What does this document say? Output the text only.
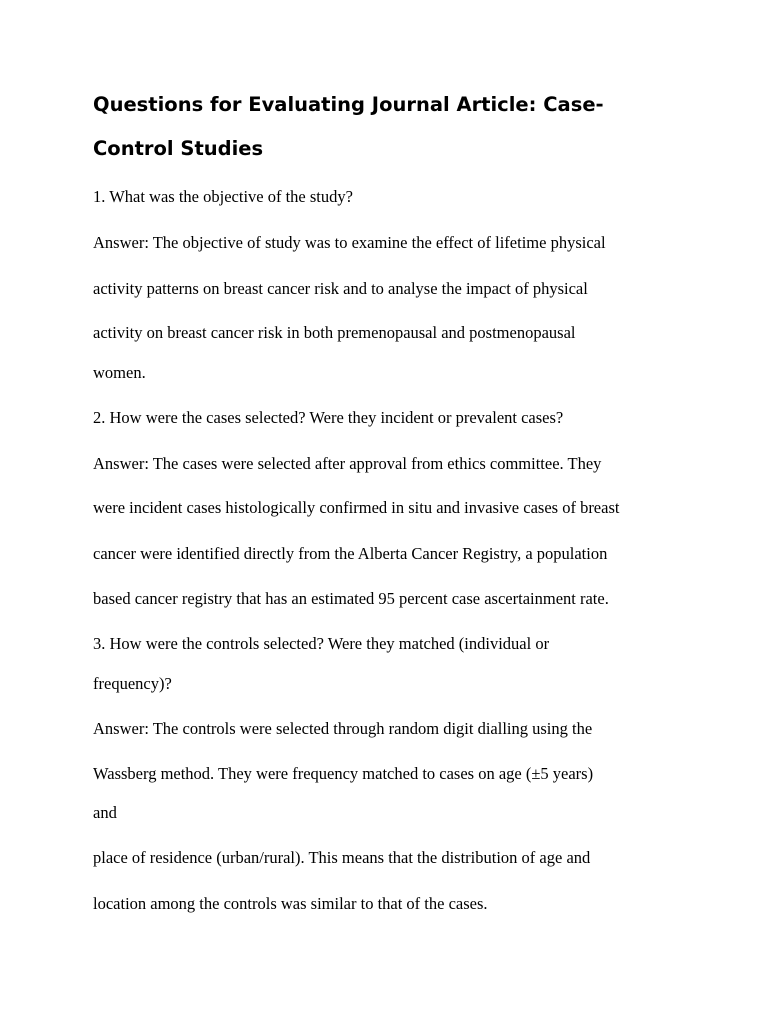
Questions for Evaluating Journal Article: Case-
Control Studies
1. What was the objective of the study?
Answer: The objective of study was to examine the effect of lifetime physical
activity patterns on breast cancer risk and to analyse the impact of physical
activity on breast cancer risk in both premenopausal and postmenopausal
women.
2. How were the cases selected? Were they incident or prevalent cases?
Answer: The cases were selected after approval from ethics committee. They
were incident cases histologically confirmed in situ and invasive cases of breast
cancer were identified directly from the Alberta Cancer Registry, a population
based cancer registry that has an estimated 95 percent case ascertainment rate.
3. How were the controls selected? Were they matched (individual or
frequency)?
Answer: The controls were selected through random digit dialling using the
Wassberg method. They were frequency matched to cases on age (±5 years)
and
place of residence (urban/rural). This means that the distribution of age and
location among the controls was similar to that of the cases.
